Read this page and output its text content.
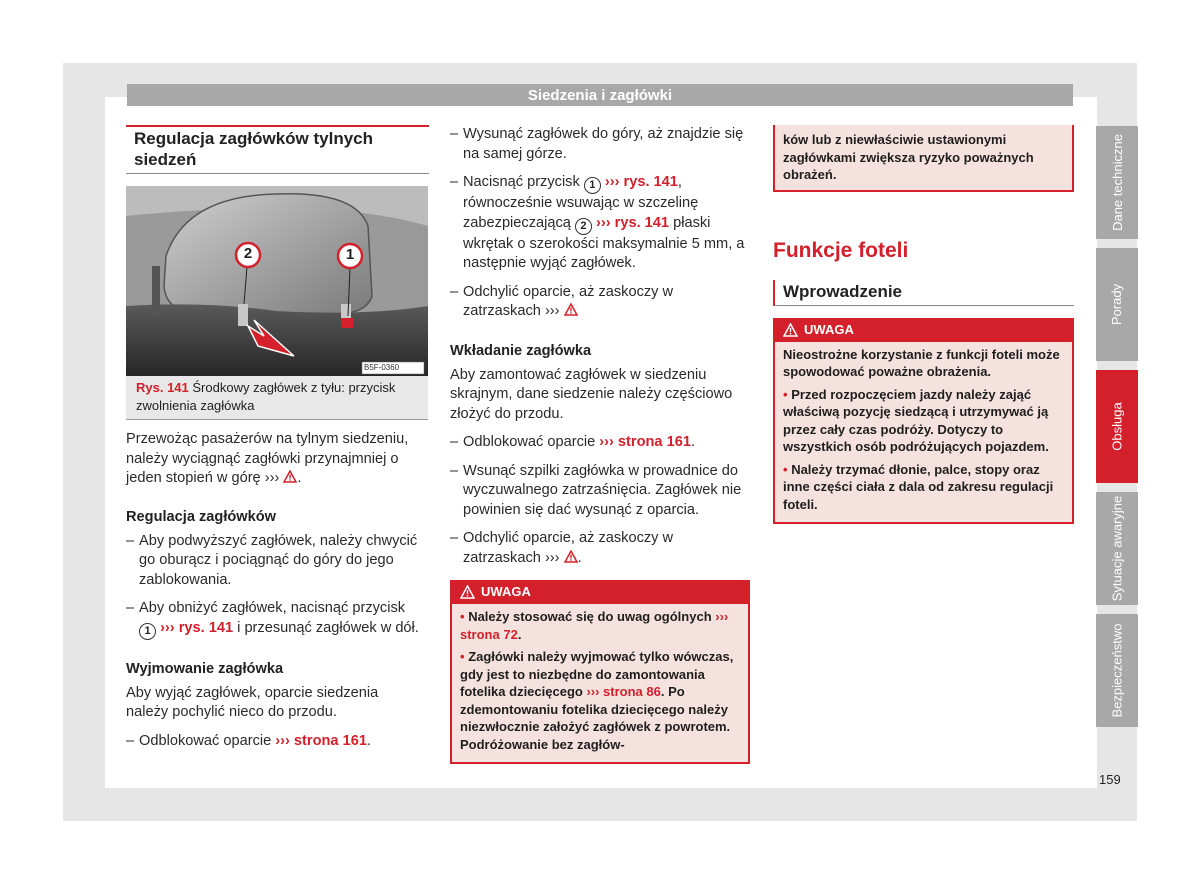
Siedzenia i zagłówki
Regulacja zagłówków tylnych siedzeń
2	1
B5F-0360
Rys. 141 Środkowy zagłówek z tyłu: przycisk zwolnienia zagłówka

Przewożąc pasażerów na tylnym siedzeniu, należy wyciągnąć zagłówki przynajmniej o jeden stopień w górę ››› .

Regulacja zagłówków

– Aby podwyższyć zagłówek, należy chwycić go oburącz i pociągnąć do góry do jego zablokowania.

– Aby obniżyć zagłówek, nacisnąć przycisk 1 ››› rys. 141 i przesunąć zagłówek w dół.

Wyjmowanie zagłówka

Aby wyjąć zagłówek, oparcie siedzenia należy pochylić nieco do przodu.

– Odblokować oparcie ››› strona 161.

– Wysunąć zagłówek do góry, aż znajdzie się na samej górze.

– Nacisnąć przycisk 1 ››› rys. 141, równocześnie wsuwając w szczelinę zabezpieczającą 2 ››› rys. 141 płaski wkrętak o szerokości maksymalnie 5 mm, a następnie wyjąć zagłówek.

– Odchylić oparcie, aż zaskoczy w zatrzaskach ›››

Wkładanie zagłówka

Aby zamontować zagłówek w siedzeniu skrajnym, dane siedzenie należy częściowo złożyć do przodu.

– Odblokować oparcie ››› strona 161.

– Wsunąć szpilki zagłówka w prowadnice do wyczuwalnego zatrzaśnięcia. Zagłówek nie powinien się dać wysunąć z oparcia.

– Odchylić oparcie, aż zaskoczy w zatrzaskach ››› .

UWAGA

• Należy stosować się do uwag ogólnych ››› strona 72.

• Zagłówki należy wyjmować tylko wówczas, gdy jest to niezbędne do zamontowania fotelika dziecięcego ››› strona 86. Po zdemontowaniu fotelika dziecięcego należy niezwłocznie założyć zagłówek z powrotem. Podróżowanie bez zagłów-

ków lub z niewłaściwie ustawionymi zagłówkami zwiększa ryzyko poważnych obrażeń.

Funkcje foteli

Wprowadzenie
UWAGA

Nieostrożne korzystanie z funkcji foteli może spowodować poważne obrażenia.

• Przed rozpoczęciem jazdy należy zająć właściwą pozycję siedzącą i utrzymywać ją przez cały czas podróży. Dotyczy to wszystkich osób podróżujących pojazdem.

• Należy trzymać dłonie, palce, stopy oraz inne części ciała z dala od zakresu regulacji foteli.

Dane techniczne
Porady
Obsługa
Sytuacje awaryjne
Bezpieczeństwo
159
